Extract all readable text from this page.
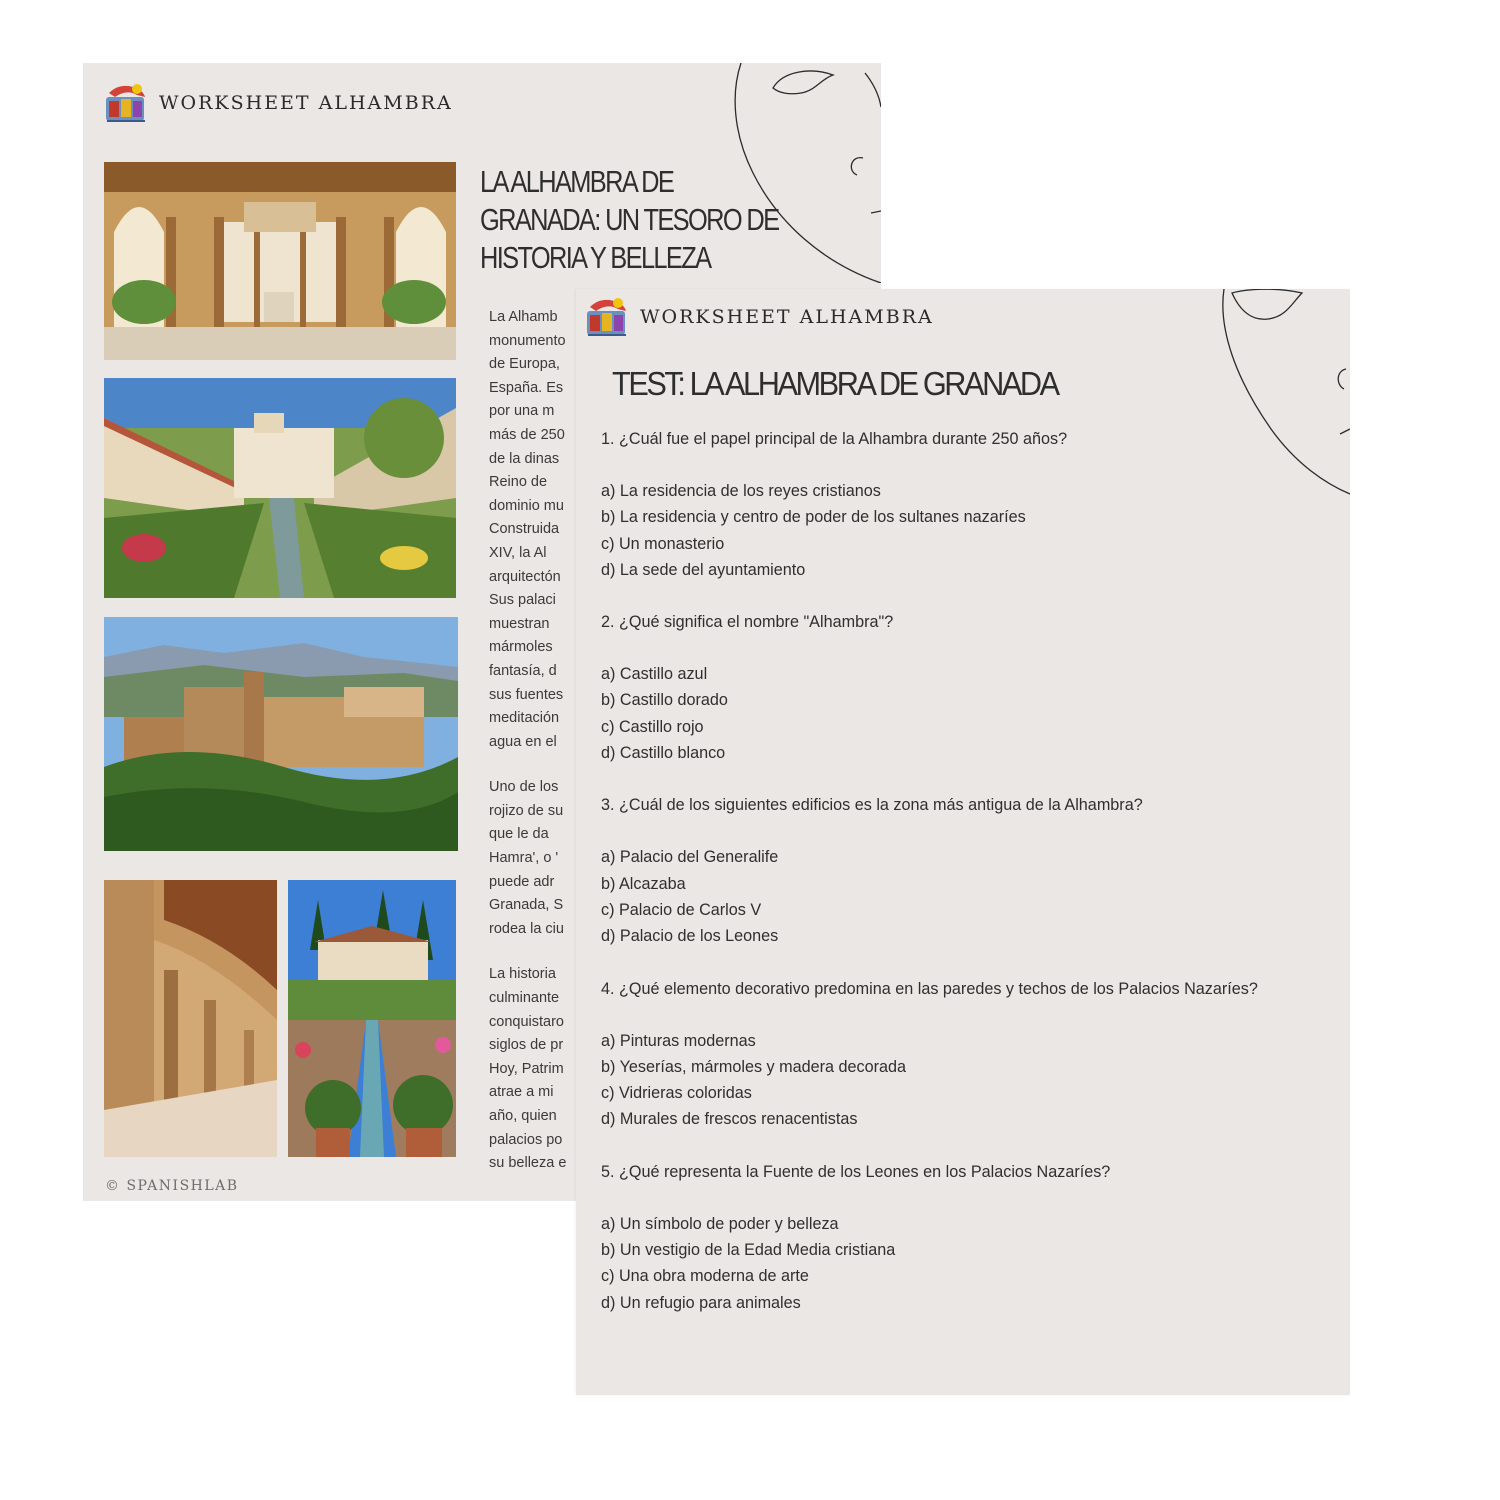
WORKSHEET ALHAMBRA
LA ALHAMBRA DE
GRANADA: UN TESORO DE
HISTORIA Y BELLEZA
La Alhamb
monumento
de Europa,
España. Es
por una m
más de 250
de la dinas
Reino de
dominio mu
Construida
XIV, la Al
arquitectón
Sus palaci
muestran
mármoles
fantasía, d
sus fuentes
meditación
agua en el
Uno de los
rojizo de su
que le da
Hamra', o '
puede adr
Granada, S
rodea la ciu
La historia
culminante
conquistaro
siglos de pr
Hoy, Patrim
atrae a mi
año, quien
palacios po
su belleza e
© SPANISHLAB
WORKSHEET ALHAMBRA
TEST: LA ALHAMBRA DE GRANADA
1. ¿Cuál fue el papel principal de la Alhambra durante 250 años?
a) La residencia de los reyes cristianos
b) La residencia y centro de poder de los sultanes nazaríes
c) Un monasterio
d) La sede del ayuntamiento
2. ¿Qué significa el nombre "Alhambra"?
a) Castillo azul
b) Castillo dorado
c) Castillo rojo
d) Castillo blanco
3. ¿Cuál de los siguientes edificios es la zona más antigua de la Alhambra?
a) Palacio del Generalife
b) Alcazaba
c) Palacio de Carlos V
d) Palacio de los Leones
4. ¿Qué elemento decorativo predomina en las paredes y techos de los Palacios Nazaríes?
a) Pinturas modernas
b) Yeserías, mármoles y madera decorada
c) Vidrieras coloridas
d) Murales de frescos renacentistas
5. ¿Qué representa la Fuente de los Leones en los Palacios Nazaríes?
a) Un símbolo de poder y belleza
b) Un vestigio de la Edad Media cristiana
c) Una obra moderna de arte
d) Un refugio para animales
